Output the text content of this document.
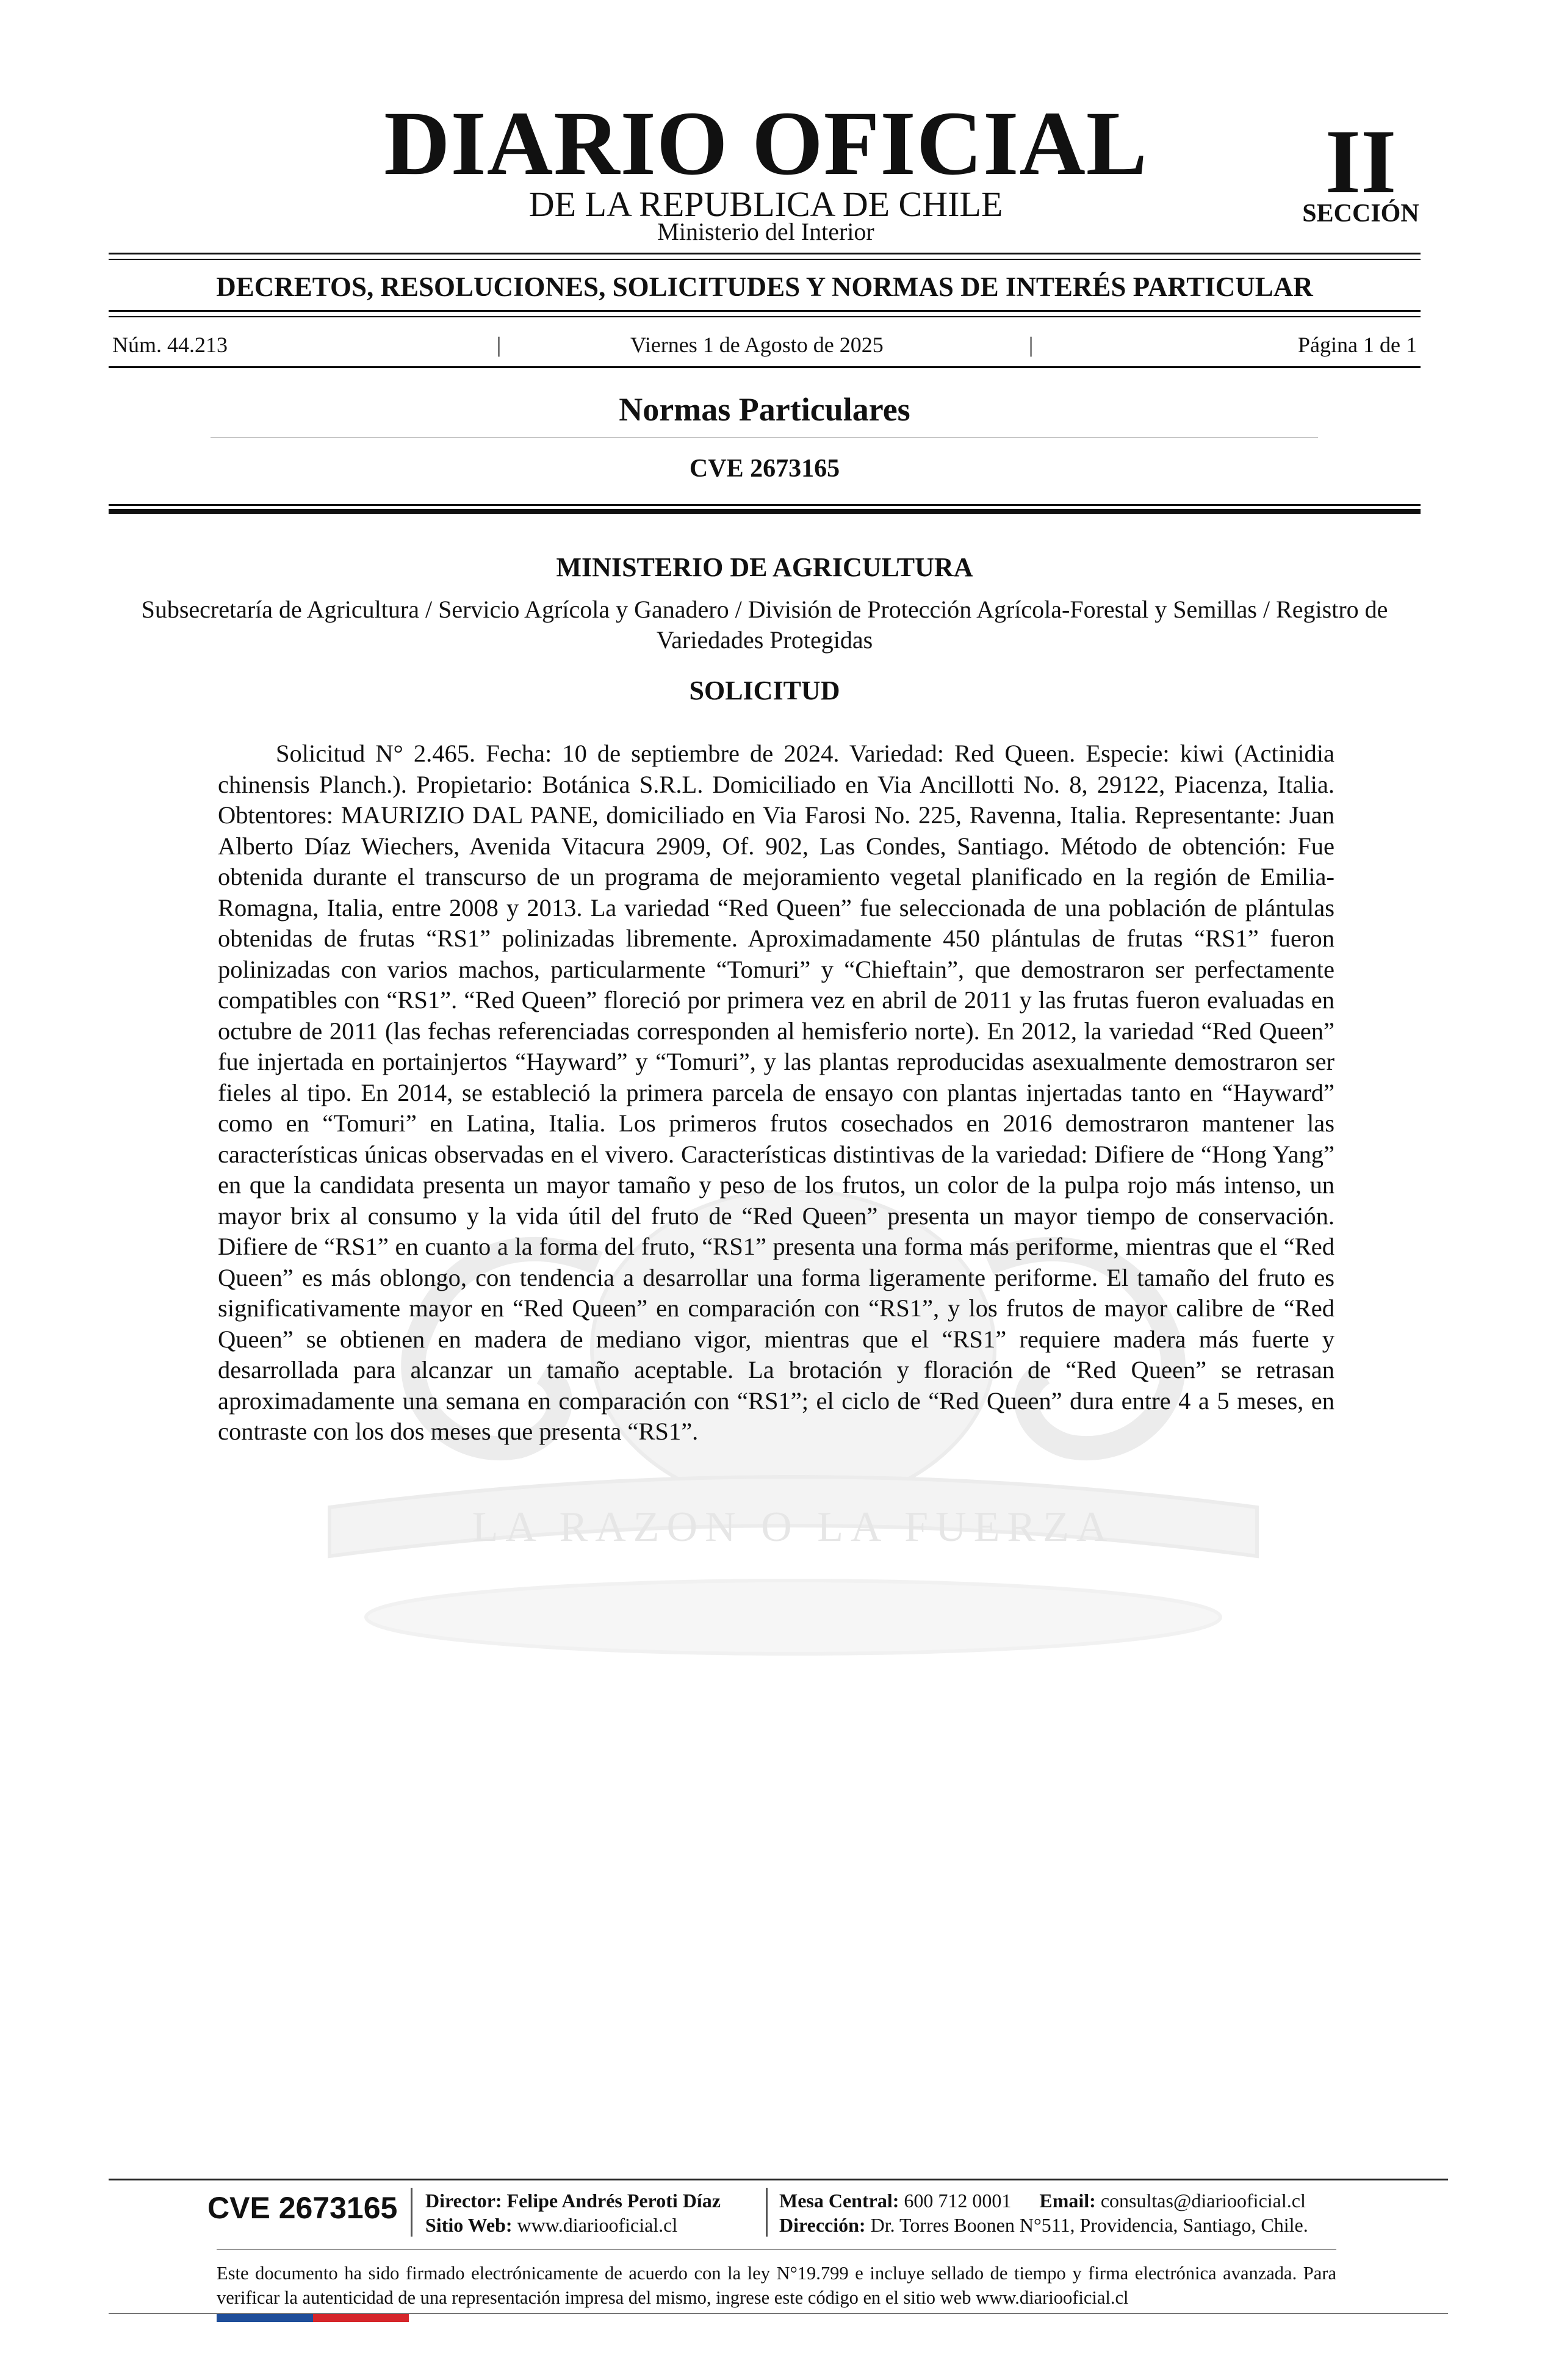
LA RAZON O LA FUERZA
DIARIO OFICIAL
DE LA REPUBLICA DE CHILE
Ministerio del Interior
II
SECCIÓN
DECRETOS, RESOLUCIONES, SOLICITUDES Y NORMAS DE INTERÉS PARTICULAR
Núm. 44.213	|	Viernes 1 de Agosto de 2025	|	Página 1 de 1
Normas Particulares
CVE 2673165

MINISTERIO DE AGRICULTURA

Subsecretaría de Agricultura / Servicio Agrícola y Ganadero / División de Protección Agrícola-Forestal y Semillas / Registro de Variedades Protegidas

SOLICITUD

Solicitud N° 2.465. Fecha: 10 de septiembre de 2024. Variedad: Red Queen. Especie: kiwi (Actinidia chinensis Planch.). Propietario: Botánica S.R.L. Domiciliado en Via Ancillotti No. 8, 29122, Piacenza, Italia. Obtentores: MAURIZIO DAL PANE, domiciliado en Via Farosi No. 225, Ravenna, Italia. Representante: Juan Alberto Díaz Wiechers, Avenida Vitacura 2909, Of. 902, Las Condes, Santiago. Método de obtención: Fue obtenida durante el transcurso de un programa de mejoramiento vegetal planificado en la región de Emilia-Romagna, Italia, entre 2008 y 2013. La variedad “Red Queen” fue seleccionada de una población de plántulas obtenidas de frutas “RS1” polinizadas libremente. Aproximadamente 450 plántulas de frutas “RS1” fueron polinizadas con varios machos, particularmente “Tomuri” y “Chieftain”, que demostraron ser perfectamente compatibles con “RS1”. “Red Queen” floreció por primera vez en abril de 2011 y las frutas fueron evaluadas en octubre de 2011 (las fechas referenciadas corresponden al hemisferio norte). En 2012, la variedad “Red Queen” fue injertada en portainjertos “Hayward” y “Tomuri”, y las plantas reproducidas asexualmente demostraron ser fieles al tipo. En 2014, se estableció la primera parcela de ensayo con plantas injertadas tanto en “Hayward” como en “Tomuri” en Latina, Italia. Los primeros frutos cosechados en 2016 demostraron mantener las características únicas observadas en el vivero. Características distintivas de la variedad: Difiere de “Hong Yang” en que la candidata presenta un mayor tamaño y peso de los frutos, un color de la pulpa rojo más intenso, un mayor brix al consumo y la vida útil del fruto de “Red Queen” presenta un mayor tiempo de conservación. Difiere de “RS1” en cuanto a la forma del fruto, “RS1” presenta una forma más periforme, mientras que el “Red Queen” es más oblongo, con tendencia a desarrollar una forma ligeramente periforme. El tamaño del fruto es significativamente mayor en “Red Queen” en comparación con “RS1”, y los frutos de mayor calibre de “Red Queen” se obtienen en madera de mediano vigor, mientras que el “RS1” requiere madera más fuerte y desarrollada para alcanzar un tamaño aceptable. La brotación y floración de “Red Queen” se retrasan aproximadamente una semana en comparación con “RS1”; el ciclo de “Red Queen” dura entre 4 a 5 meses, en contraste con los dos meses que presenta “RS1”.

CVE 2673165 Director: Felipe Andrés Peroti Díaz
Sitio Web: www.diariooficial.cl
Mesa Central: 600 712 0001 Email: consultas@diariooficial.cl
Dirección: Dr. Torres Boonen N°511, Providencia, Santiago, Chile.

Este documento ha sido firmado electrónicamente de acuerdo con la ley N°19.799 e incluye sellado de tiempo y firma electrónica avanzada. Para verificar la autenticidad de una representación impresa del mismo, ingrese este código en el sitio web www.diariooficial.cl
